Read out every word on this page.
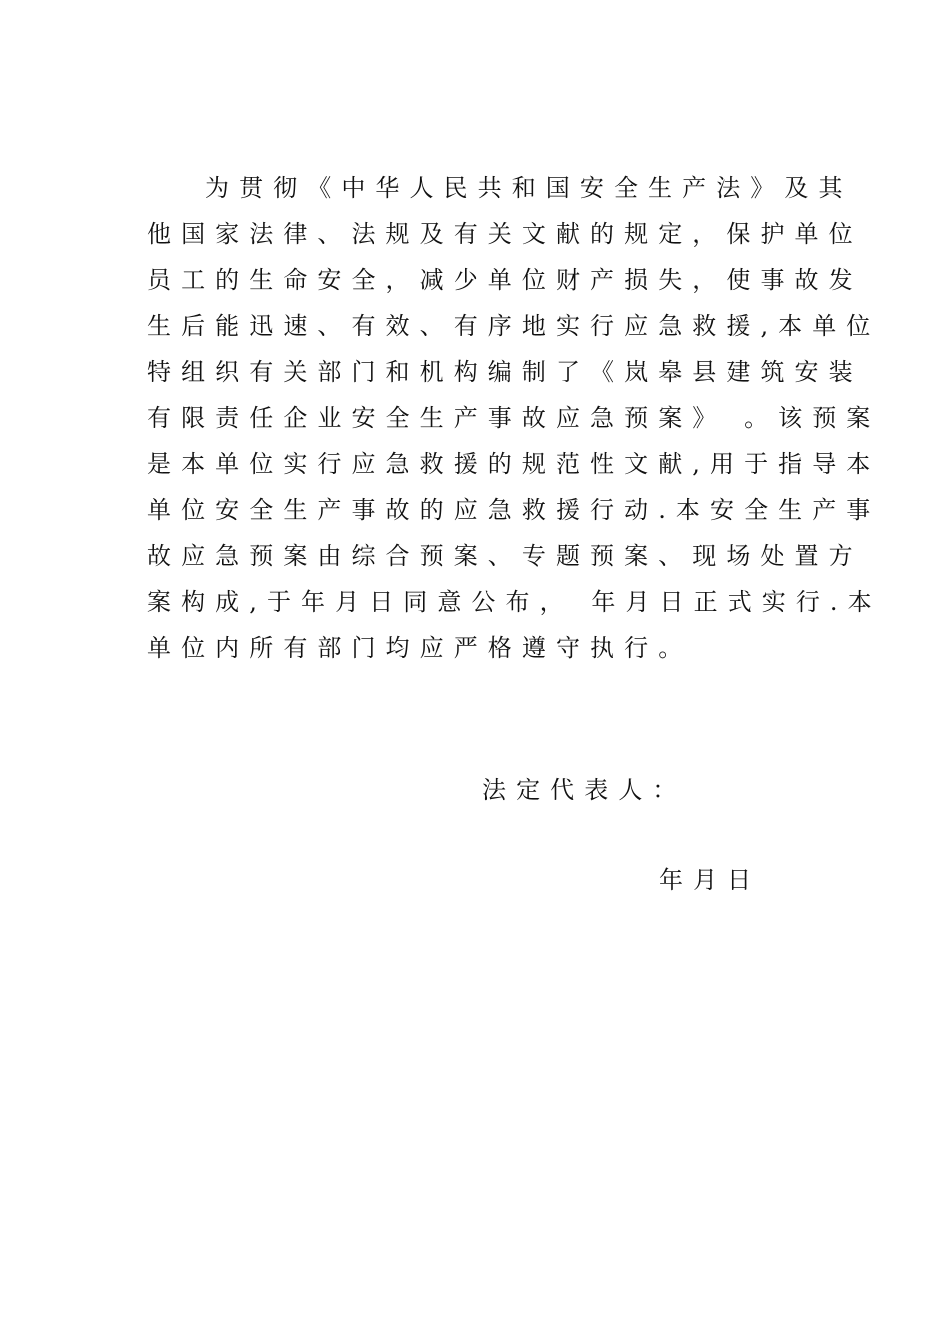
为贯彻《中华人民共和国安全生产法》及其
他国家法律、法规及有关文献的规定，保护单位
员工的生命安全，减少单位财产损失，使事故发
生后能迅速、有效、有序地实行应急救援,本单位
特组织有关部门和机构编制了《岚皋县建筑安装
有限责任企业安全生产事故应急预案》 。该预案
是本单位实行应急救援的规范性文献,用于指导本
单位安全生产事故的应急救援行动.本安全生产事
故应急预案由综合预案、专题预案、现场处置方
案构成,于年月日同意公布， 年月日正式实行.本
单位内所有部门均应严格遵守执行。
法定代表人：
年月日
